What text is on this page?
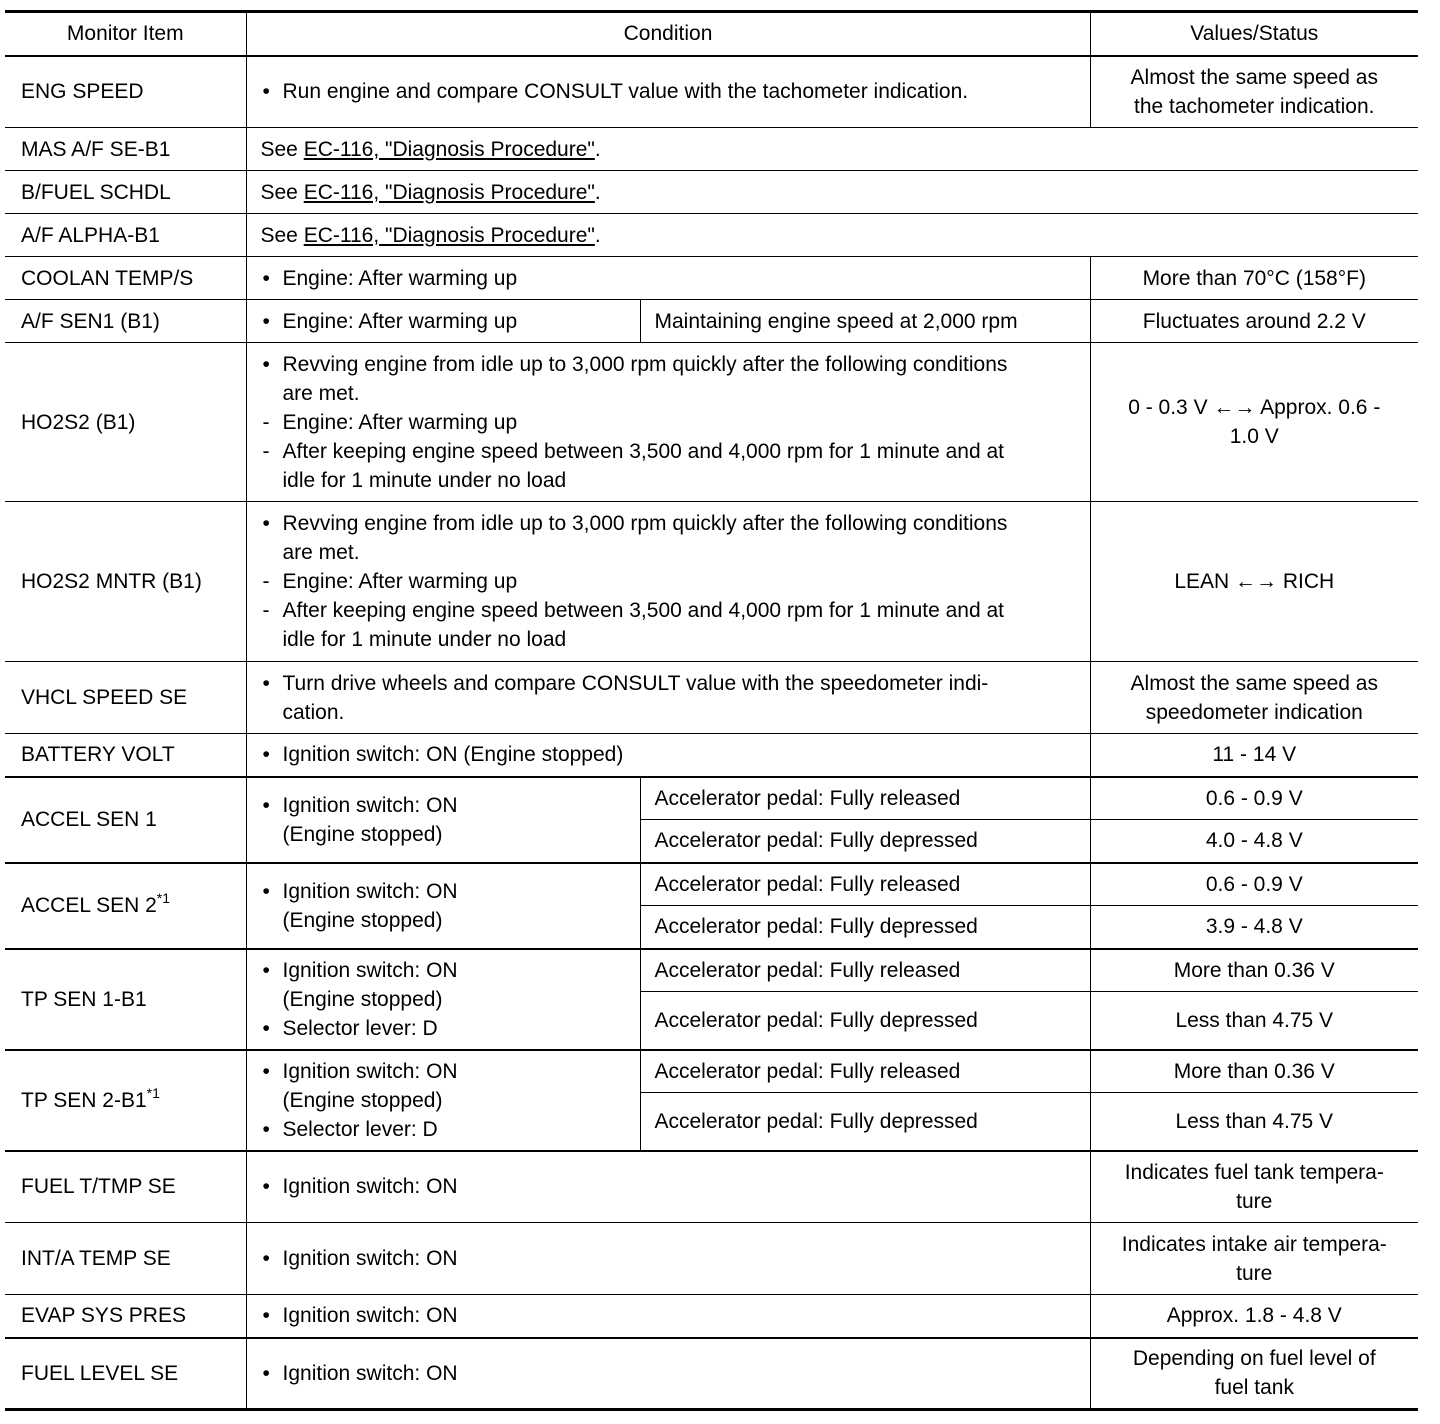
Monitor Item	Condition		Values/Status
ENG SPEED	• Run engine and compare CONSULT value with the tachometer indication.		Almost the same speed as
the tachometer indication.
MAS A/F SE-B1	See EC-116, "Diagnosis Procedure".		
B/FUEL SCHDL	See EC-116, "Diagnosis Procedure".		
A/F ALPHA-B1	See EC-116, "Diagnosis Procedure".		
COOLAN TEMP/S	• Engine: After warming up		More than 70°C (158°F)
A/F SEN1 (B1)	• Engine: After warming up	Maintaining engine speed at 2,000 rpm	Fluctuates around 2.2 V
HO2S2 (B1)	• Revving engine from idle up to 3,000 rpm quickly after the following conditions
are met.
- Engine: After warming up
- After keeping engine speed between 3,500 and 4,000 rpm for 1 minute and at
idle for 1 minute under no load		0 - 0.3 V ←→ Approx. 0.6 -
1.0 V
HO2S2 MNTR (B1)	• Revving engine from idle up to 3,000 rpm quickly after the following conditions
are met.
- Engine: After warming up
- After keeping engine speed between 3,500 and 4,000 rpm for 1 minute and at
idle for 1 minute under no load		LEAN ←→ RICH
VHCL SPEED SE	• Turn drive wheels and compare CONSULT value with the speedometer indi-
cation.		Almost the same speed as
speedometer indication
BATTERY VOLT	• Ignition switch: ON (Engine stopped)		11 - 14 V
ACCEL SEN 1	• Ignition switch: ON
(Engine stopped)	Accelerator pedal: Fully released	0.6 - 0.9 V
		Accelerator pedal: Fully depressed	4.0 - 4.8 V
ACCEL SEN 2$^{*1}$	• Ignition switch: ON
(Engine stopped)	Accelerator pedal: Fully released	0.6 - 0.9 V
		Accelerator pedal: Fully depressed	3.9 - 4.8 V
TP SEN 1-B1	• Ignition switch: ON
(Engine stopped)
• Selector lever: D	Accelerator pedal: Fully released	More than 0.36 V
		Accelerator pedal: Fully depressed	Less than 4.75 V
TP SEN 2-B1$^{*1}$	• Ignition switch: ON
(Engine stopped)
• Selector lever: D	Accelerator pedal: Fully released	More than 0.36 V
		Accelerator pedal: Fully depressed	Less than 4.75 V
FUEL T/TMP SE	• Ignition switch: ON		Indicates fuel tank tempera-
ture
INT/A TEMP SE	• Ignition switch: ON		Indicates intake air tempera-
ture
EVAP SYS PRES	• Ignition switch: ON		Approx. 1.8 - 4.8 V
FUEL LEVEL SE	• Ignition switch: ON		Depending on fuel level of
fuel tank
